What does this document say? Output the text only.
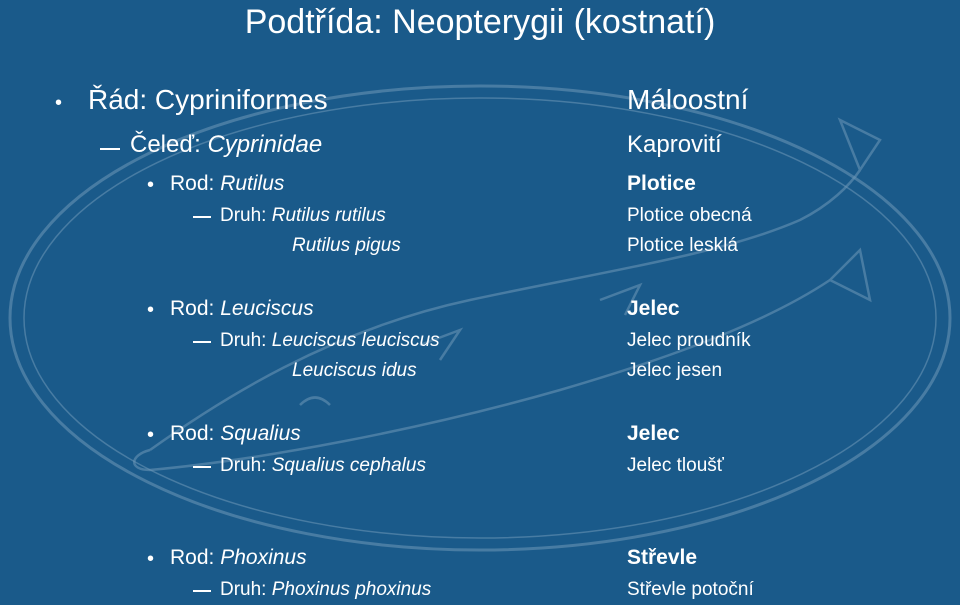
Podtřída: Neopterygii (kostnatí)
• Řád: Cypriniformes	Máloostní
Čeleď: Cyprinidae	Kaprovití
• Rod: Rutilus	Plotice
Druh: Rutilus rutilus	Plotice obecná
Rutilus pigus	Plotice lesklá
• Rod: Leuciscus	Jelec
Druh: Leuciscus leuciscus	Jelec proudník
Leuciscus idus	Jelec jesen
• Rod: Squalius	Jelec
Druh: Squalius cephalus	Jelec tloušť
• Rod: Phoxinus	Střevle
Druh: Phoxinus phoxinus	Střevle potoční
